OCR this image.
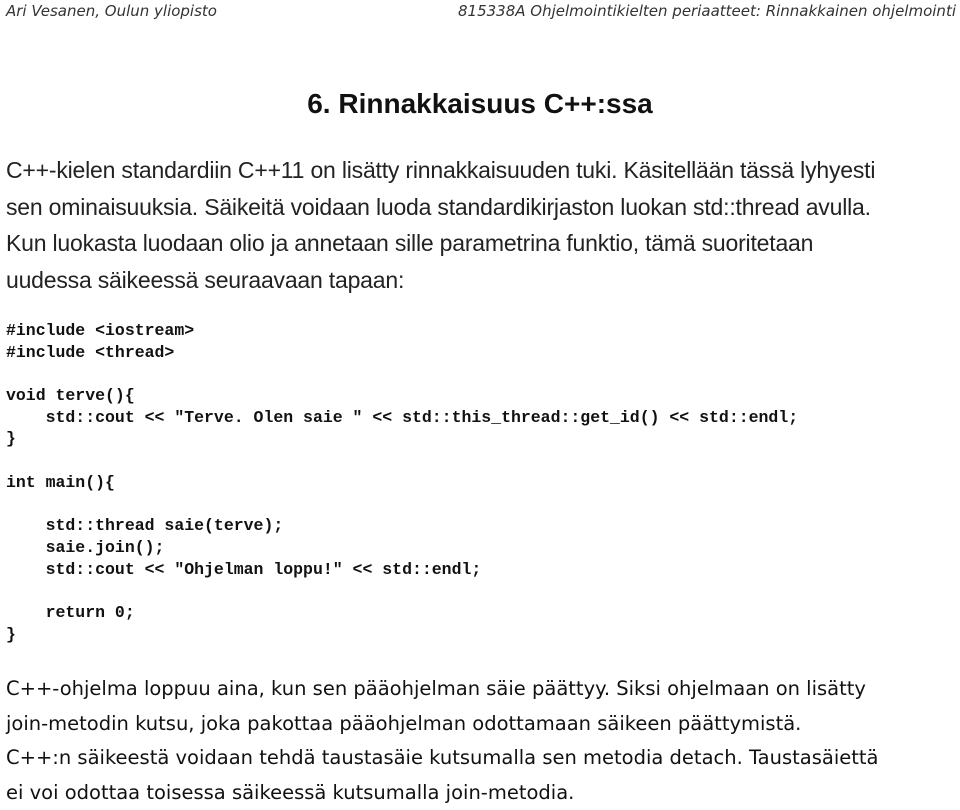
Ari Vesanen, Oulun yliopisto	815338A Ohjelmointikielten periaatteet: Rinnakkainen ohjelmointi
6. Rinnakkaisuus C++:ssa
C++-kielen standardiin C++11 on lisätty rinnakkaisuuden tuki. Käsitellään tässä lyhyesti
sen ominaisuuksia. Säikeitä voidaan luoda standardikirjaston luokan std::thread avulla.
Kun luokasta luodaan olio ja annetaan sille parametrina funktio, tämä suoritetaan
uudessa säikeessä seuraavaan tapaan:
#include <iostream>
#include <thread>
void terve(){
std::cout << "Terve. Olen saie " << std::this_thread::get_id() << std::endl;
}
int main(){
std::thread saie(terve);
saie.join();
std::cout << "Ohjelman loppu!" << std::endl;
return 0;
}
C++-ohjelma loppuu aina, kun sen pääohjelman säie päättyy. Siksi ohjelmaan on lisätty
join-metodin kutsu, joka pakottaa pääohjelman odottamaan säikeen päättymistä.
C++:n säikeestä voidaan tehdä taustasäie kutsumalla sen metodia detach. Taustasäiettä
ei voi odottaa toisessa säikeessä kutsumalla join-metodia.
